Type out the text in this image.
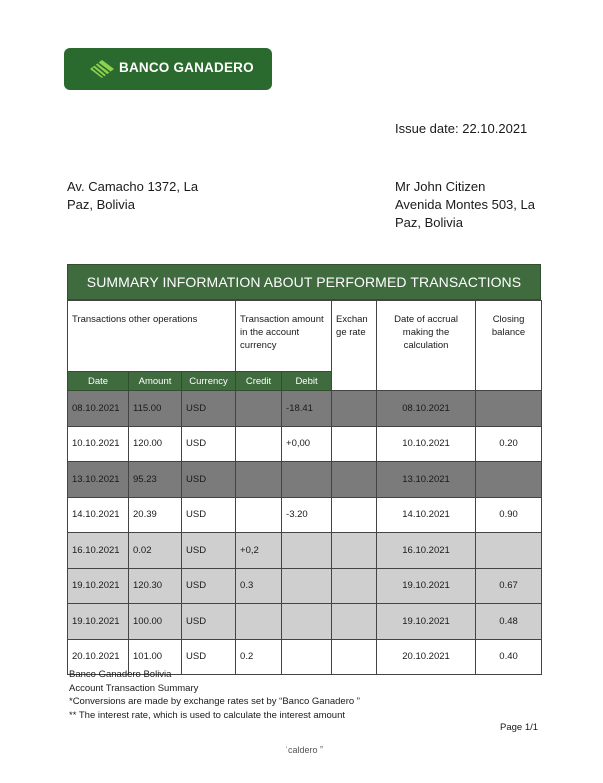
BANCO GANADERO
Issue date: 22.10.2021
Av. Camacho 1372, La
Paz, Bolivia
Mr John Citizen
Avenida Montes 503, La
Paz, Bolivia
SUMMARY INFORMATION ABOUT PERFORMED TRANSACTIONS
Transactions other operations			Transaction amount in the account currency		Exchan ge rate	Date of accrual making the calculation	Closing balance
Date	Amount	Currency	Credit	Debit			
08.10.2021	115.00	USD		-18.41		08.10.2021	
10.10.2021	120.00	USD		+0,00		10.10.2021	0.20
13.10.2021	95.23	USD				13.10.2021	
14.10.2021	20.39	USD		-3.20		14.10.2021	0.90
16.10.2021	0.02	USD	+0,2			16.10.2021	
19.10.2021	120.30	USD	0.3			19.10.2021	0.67
19.10.2021	100.00	USD				19.10.2021	0.48
20.10.2021	101.00	USD	0.2			20.10.2021	0.40
Banco Ganadero Bolivia
Account Transaction Summary
*Conversions are made by exchange rates set by “Banco Ganadero ”
** The interest rate, which is used to calculate the interest amount
Page 1/1
ˈcaldero ˮ
